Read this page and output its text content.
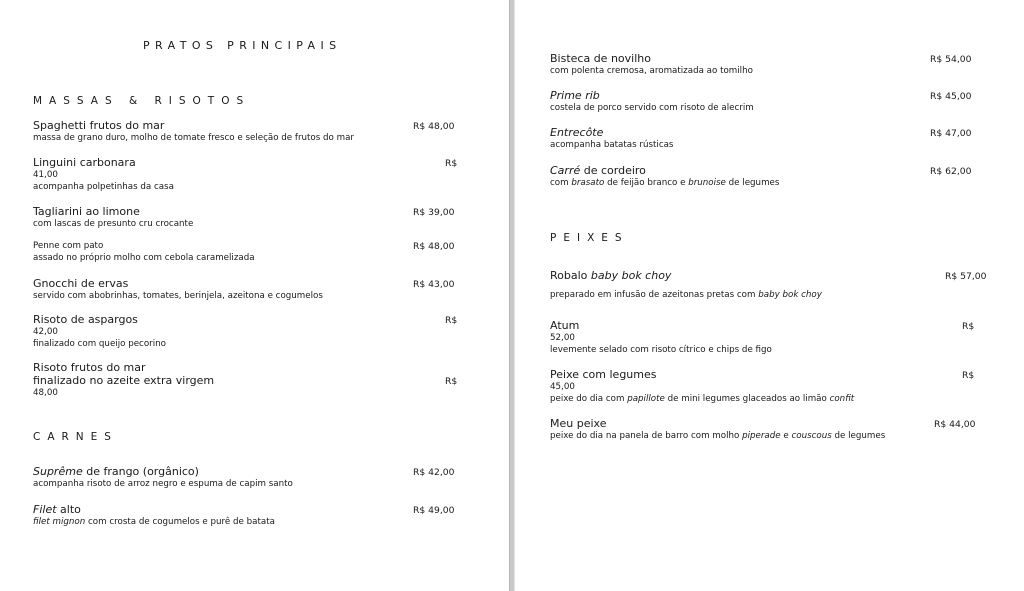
PRATOS PRINCIPAIS
MASSAS & RISOTOS
Spaghetti frutos do mar
massa de grano duro, molho de tomate fresco e seleção de frutos do mar
R$ 48,00
Linguini carbonara
41,00
acompanha polpetinhas da casa
R$
Tagliarini ao limone
com lascas de presunto cru crocante
R$ 39,00
Penne com pato
assado no próprio molho com cebola caramelizada
R$ 48,00
Gnocchi de ervas
servido com abobrinhas, tomates, berinjela, azeitona e cogumelos
R$ 43,00
Risoto de aspargos
42,00
finalizado com queijo pecorino
R$
Risoto frutos do mar
finalizado no azeite extra virgem
48,00
R$
CARNES
Suprême de frango (orgânico)
acompanha risoto de arroz negro e espuma de capim santo
R$ 42,00
Filet alto
filet mignon com crosta de cogumelos e purê de batata
R$ 49,00
Bisteca de novilho
com polenta cremosa, aromatizada ao tomilho
R$ 54,00
Prime rib
costela de porco servido com risoto de alecrim
R$ 45,00
Entrecôte
acompanha batatas rústicas
R$ 47,00
Carré de cordeiro
com brasato de feijão branco e brunoise de legumes
R$ 62,00
PEIXES
Robalo baby bok choy
preparado em infusão de azeitonas pretas com baby bok choy
R$ 57,00
Atum
52,00
levemente selado com risoto cítrico e chips de figo
R$
Peixe com legumes
45,00
peixe do dia com papillote de mini legumes glaceados ao limão confit
R$
Meu peixe
peixe do dia na panela de barro com molho piperade e couscous de legumes
R$ 44,00
